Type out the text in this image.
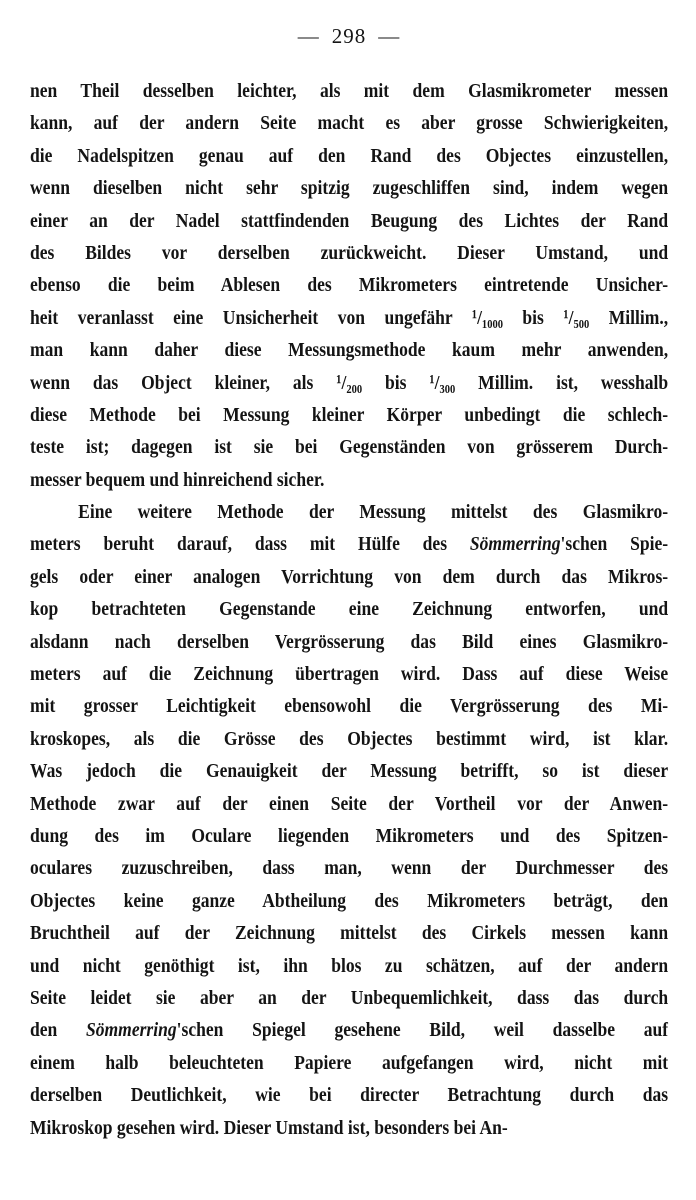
— 298 —
nen Theil desselben leichter, als mit dem Glasmikrometer messen
kann, auf der andern Seite macht es aber grosse Schwierigkeiten,
die Nadelspitzen genau auf den Rand des Objectes einzustellen,
wenn dieselben nicht sehr spitzig zugeschliffen sind, indem wegen
einer an der Nadel stattfindenden Beugung des Lichtes der Rand
des Bildes vor derselben zurückweicht. Dieser Umstand, und
ebenso die beim Ablesen des Mikrometers eintretende Unsicher-
heit veranlasst eine Unsicherheit von ungefähr ¹/₁₀₀₀ bis ¹/₅₀₀ Millim.,
man kann daher diese Messungsmethode kaum mehr anwenden,
wenn das Object kleiner, als ¹/₂₀₀ bis ¹/₃₀₀ Millim. ist, wesshalb
diese Methode bei Messung kleiner Körper unbedingt die schlech-
teste ist; dagegen ist sie bei Gegenständen von grösserem Durch-
messer bequem und hinreichend sicher.
Eine weitere Methode der Messung mittelst des Glasmikro-
meters beruht darauf, dass mit Hülfe des Sömmerring'schen Spie-
gels oder einer analogen Vorrichtung von dem durch das Mikros-
kop betrachteten Gegenstande eine Zeichnung entworfen, und
alsdann nach derselben Vergrösserung das Bild eines Glasmikro-
meters auf die Zeichnung übertragen wird. Dass auf diese Weise
mit grosser Leichtigkeit ebensowohl die Vergrösserung des Mi-
kroskopes, als die Grösse des Objectes bestimmt wird, ist klar.
Was jedoch die Genauigkeit der Messung betrifft, so ist dieser
Methode zwar auf der einen Seite der Vortheil vor der Anwen-
dung des im Oculare liegenden Mikrometers und des Spitzen-
oculares zuzuschreiben, dass man, wenn der Durchmesser des
Objectes keine ganze Abtheilung des Mikrometers beträgt, den
Bruchtheil auf der Zeichnung mittelst des Cirkels messen kann
und nicht genöthigt ist, ihn blos zu schätzen, auf der andern
Seite leidet sie aber an der Unbequemlichkeit, dass das durch
den Sömmerring'schen Spiegel gesehene Bild, weil dasselbe auf
einem halb beleuchteten Papiere aufgefangen wird, nicht mit
derselben Deutlichkeit, wie bei directer Betrachtung durch das
Mikroskop gesehen wird. Dieser Umstand ist, besonders bei An-
